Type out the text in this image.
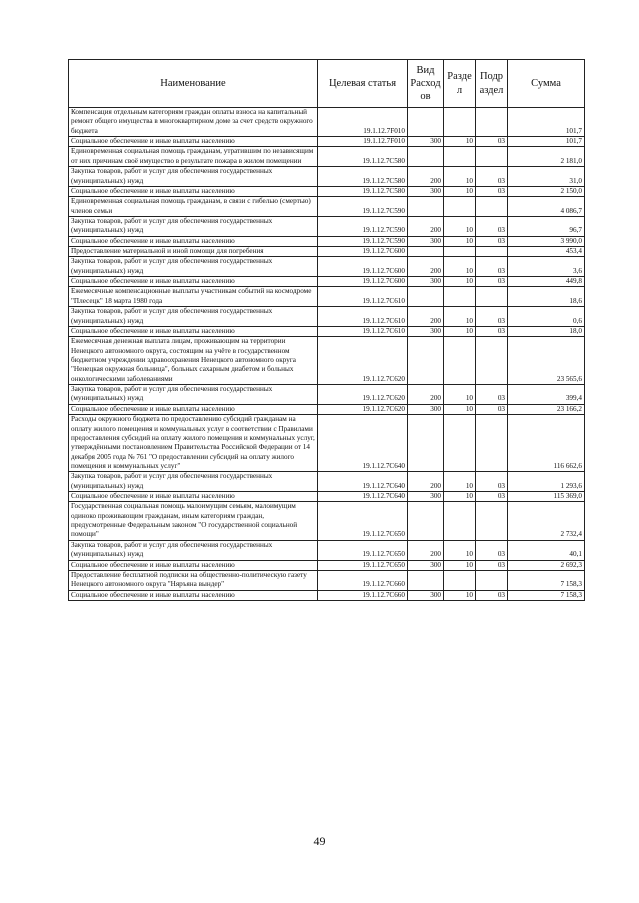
Наименование	Целевая статья	Вид Расход ов	Разде л	Подр аздел	Сумма
Компенсация отдельным категориям граждан оплаты взноса на капитальный ремонт общего имущества в многоквартирном доме за счет средств окружного бюджета	19.1.12.7F010				101,7
Социальное обеспечение и иные выплаты населению	19.1.12.7F010	300	10	03	101,7
Единовременная социальная помощь гражданам, утратившим по независящим от них причинам своё имущество в результате пожара в жилом помещении	19.1.12.7C580				2 181,0
Закупка товаров, работ и услуг для обеспечения государственных (муниципальных) нужд	19.1.12.7C580	200	10	03	31,0
Социальное обеспечение и иные выплаты населению	19.1.12.7C580	300	10	03	2 150,0
Единовременная социальная помощь гражданам, в связи с гибелью (смертью) членов семьи	19.1.12.7C590				4 086,7
Закупка товаров, работ и услуг для обеспечения государственных (муниципальных) нужд	19.1.12.7C590	200	10	03	96,7
Социальное обеспечение и иные выплаты населению	19.1.12.7C590	300	10	03	3 990,0
Предоставление материальной и иной помощи для погребения	19.1.12.7C600				453,4
Закупка товаров, работ и услуг для обеспечения государственных (муниципальных) нужд	19.1.12.7C600	200	10	03	3,6
Социальное обеспечение и иные выплаты населению	19.1.12.7C600	300	10	03	449,8
Ежемесячные компенсационные выплаты участникам событий на космодроме "Плесецк" 18 марта 1980 года	19.1.12.7C610				18,6
Закупка товаров, работ и услуг для обеспечения государственных (муниципальных) нужд	19.1.12.7C610	200	10	03	0,6
Социальное обеспечение и иные выплаты населению	19.1.12.7C610	300	10	03	18,0
Ежемесячная денежная выплата лицам, проживающим на территории Ненецкого автономного округа, состоящим на учёте в государственном бюджетном учреждении здравоохранения Ненецкого автономного округа "Ненецкая окружная больница", больных сахарным диабетом и больных онкологическими заболеваниями	19.1.12.7C620				23 565,6
Закупка товаров, работ и услуг для обеспечения государственных (муниципальных) нужд	19.1.12.7C620	200	10	03	399,4
Социальное обеспечение и иные выплаты населению	19.1.12.7C620	300	10	03	23 166,2
Расходы окружного бюджета по предоставлению субсидий гражданам на оплату жилого помещения и коммунальных услуг в соответствии с Правилами предоставления субсидий на оплату жилого помещения и коммунальных услуг, утверждёнными постановлением Правительства Российской Федерации от 14 декабря 2005 года № 761 "О предоставлении субсидий на оплату жилого помещения и коммунальных услуг"	19.1.12.7C640				116 662,6
Закупка товаров, работ и услуг для обеспечения государственных (муниципальных) нужд	19.1.12.7C640	200	10	03	1 293,6
Социальное обеспечение и иные выплаты населению	19.1.12.7C640	300	10	03	115 369,0
Государственная социальная помощь малоимущим семьям, малоимущим одиноко проживающим гражданам, иным категориям граждан, предусмотренные Федеральным законом "О государственной социальной помощи"	19.1.12.7C650				2 732,4
Закупка товаров, работ и услуг для обеспечения государственных (муниципальных) нужд	19.1.12.7C650	200	10	03	40,1
Социальное обеспечение и иные выплаты населению	19.1.12.7C650	300	10	03	2 692,3
Предоставление бесплатной подписки на общественно-политическую газету Ненецкого автономного округа "Няръяна вындер"	19.1.12.7C660				7 158,3
Социальное обеспечение и иные выплаты населению	19.1.12.7C660	300	10	03	7 158,3
49
